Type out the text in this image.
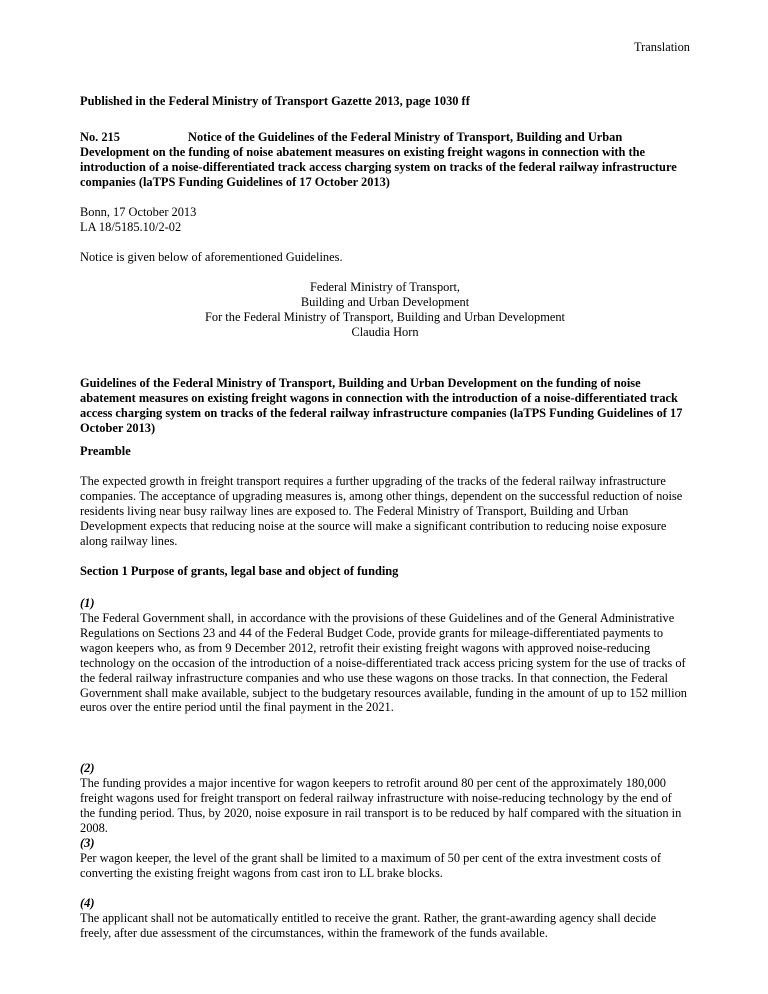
Translation

Published in the Federal Ministry of Transport Gazette 2013, page 1030 ff

No. 215	Notice of the Guidelines of the Federal Ministry of Transport, Building and Urban Development on the funding of noise abatement measures on existing freight wagons in connection with the introduction of a noise-differentiated track access charging system on tracks of the federal railway infrastructure companies (laTPS Funding Guidelines of 17 October 2013)

Bonn, 17 October 2013

LA 18/5185.10/2-02

Notice is given below of aforementioned Guidelines.

Federal Ministry of Transport,
Building and Urban Development
For the Federal Ministry of Transport, Building and Urban Development
Claudia Horn

Guidelines of the Federal Ministry of Transport, Building and Urban Development on the funding of noise abatement measures on existing freight wagons in connection with the introduction of a noise-differentiated track access charging system on tracks of the federal railway infrastructure companies (laTPS Funding Guidelines of 17 October 2013)

Preamble

The expected growth in freight transport requires a further upgrading of the tracks of the federal railway infrastructure companies. The acceptance of upgrading measures is, among other things, dependent on the successful reduction of noise residents living near busy railway lines are exposed to. The Federal Ministry of Transport, Building and Urban Development expects that reducing noise at the source will make a significant contribution to reducing noise exposure along railway lines.

Section 1 Purpose of grants, legal base and object of funding

(1)

The Federal Government shall, in accordance with the provisions of these Guidelines and of the General Administrative Regulations on Sections 23 and 44 of the Federal Budget Code, provide grants for mileage-differentiated payments to wagon keepers who, as from 9 December 2012, retrofit their existing freight wagons with approved noise-reducing technology on the occasion of the introduction of a noise-differentiated track access pricing system for the use of tracks of the federal railway infrastructure companies and who use these wagons on those tracks. In that connection, the Federal Government shall make available, subject to the budgetary resources available, funding in the amount of up to 152 million euros over the entire period until the final payment in the 2021.

(2)

The funding provides a major incentive for wagon keepers to retrofit around 80 per cent of the approximately 180,000 freight wagons used for freight transport on federal railway infrastructure with noise-reducing technology by the end of the funding period. Thus, by 2020, noise exposure in rail transport is to be reduced by half compared with the situation in 2008.

(3)

Per wagon keeper, the level of the grant shall be limited to a maximum of 50 per cent of the extra investment costs of converting the existing freight wagons from cast iron to LL brake blocks.

(4)

The applicant shall not be automatically entitled to receive the grant. Rather, the grant-awarding agency shall decide freely, after due assessment of the circumstances, within the framework of the funds available.
